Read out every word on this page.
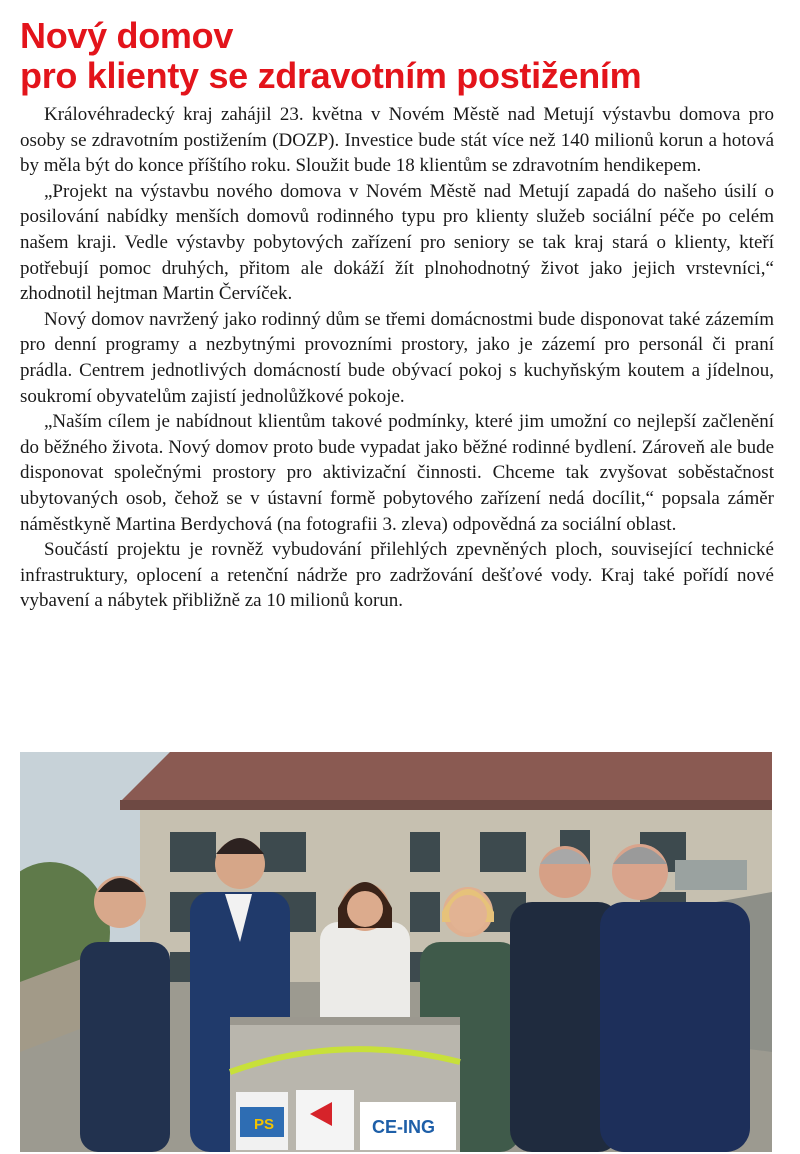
Nový domov
pro klienty se zdravotním postižením

Královéhradecký kraj zahájil 23. května v Novém Městě nad Metují výstavbu domova pro osoby se zdravotním postižením (DOZP). Investice bude stát více než 140 milionů korun a hotová by měla být do konce příštího roku. Sloužit bude 18 klientům se zdravotním hendikepem.

„Projekt na výstavbu nového domova v Novém Městě nad Metují zapadá do našeho úsilí o posilování nabídky menších domovů rodinného typu pro klienty služeb sociální péče po celém našem kraji. Vedle výstavby pobytových zařízení pro seniory se tak kraj stará o klienty, kteří potřebují pomoc druhých, přitom ale dokáží žít plnohodnotný život jako jejich vrstevníci,“ zhodnotil hejtman Martin Červíček.

Nový domov navržený jako rodinný dům se třemi domácnostmi bude disponovat také zázemím pro denní programy a nezbytnými provozními prostory, jako je zázemí pro personál či praní prádla. Centrem jednotlivých domácností bude obývací pokoj s kuchyňským koutem a jídelnou, soukromí obyvatelům zajistí jednolůžkové pokoje.

„Naším cílem je nabídnout klientům takové podmínky, které jim umožní co nejlepší začlenění do běžného života. Nový domov proto bude vypadat jako běžné rodinné bydlení. Zároveň ale bude disponovat společnými prostory pro aktivizační činnosti. Chceme tak zvyšovat soběstačnost ubytovaných osob, čehož se v ústavní formě pobytového zařízení nedá docílit,“ popsala záměr náměstkyně Martina Berdychová (na fotografii 3. zleva) odpovědná za sociální oblast.

Součástí projektu je rovněž vybudování přilehlých zpevněných ploch, související technické infrastruktury, oplocení a retenční nádrže pro zadržování dešťové vody. Kraj také pořídí nové vybavení a nábytek přibližně za 10 milionů korun.

PS	CE-ING
